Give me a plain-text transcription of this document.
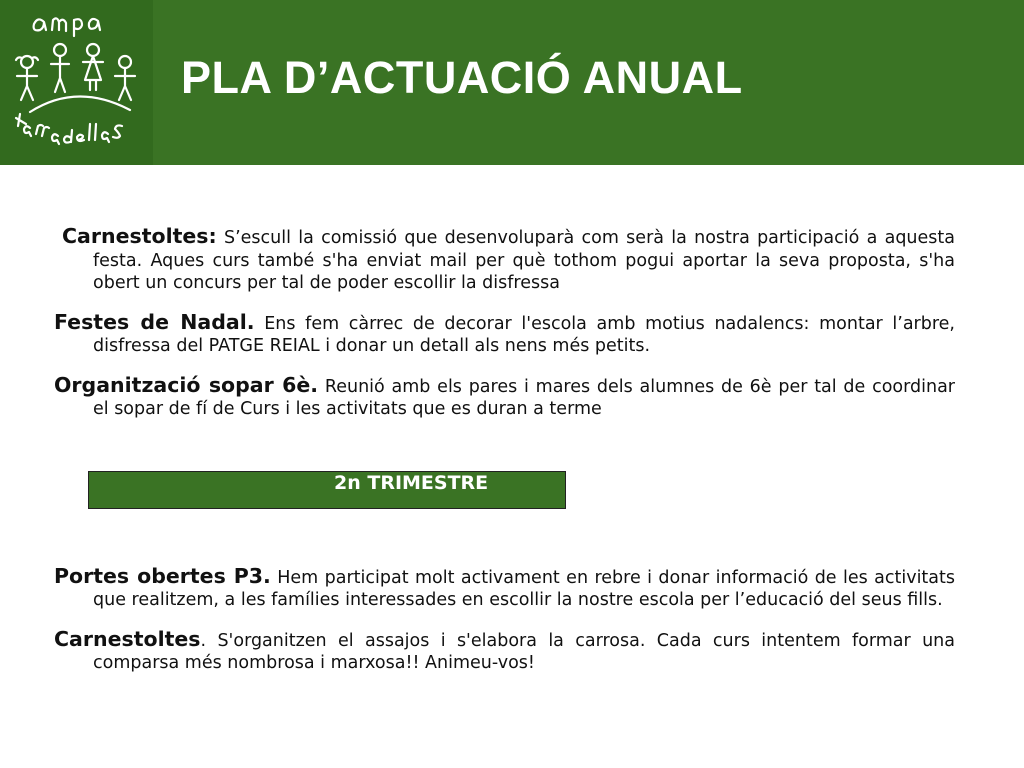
PLA D’ACTUACIÓ ANUAL

Carnestoltes: S’escull la comissió que desenvoluparà com serà la nostra participació a aquesta festa. Aques curs també s'ha enviat mail per què tothom pogui aportar la seva proposta, s'ha obert un concurs per tal de poder escollir la disfressa

Festes de Nadal. Ens fem càrrec de decorar l'escola amb motius nadalencs: montar l’arbre, disfressa del PATGE REIAL i donar un detall als nens més petits.

Organització sopar 6è. Reunió amb els pares i mares dels alumnes de 6è per tal de coordinar el sopar de fí de Curs i les activitats que es duran a terme

2n TRIMESTRE

Portes obertes P3. Hem participat molt activament en rebre i donar informació de les activitats que realitzem, a les famílies interessades en escollir la nostre escola per l’educació del seus fills.

Carnestoltes. S'organitzen el assajos i s'elabora la carrosa. Cada curs intentem formar una comparsa més nombrosa i marxosa!! Animeu-vos!
